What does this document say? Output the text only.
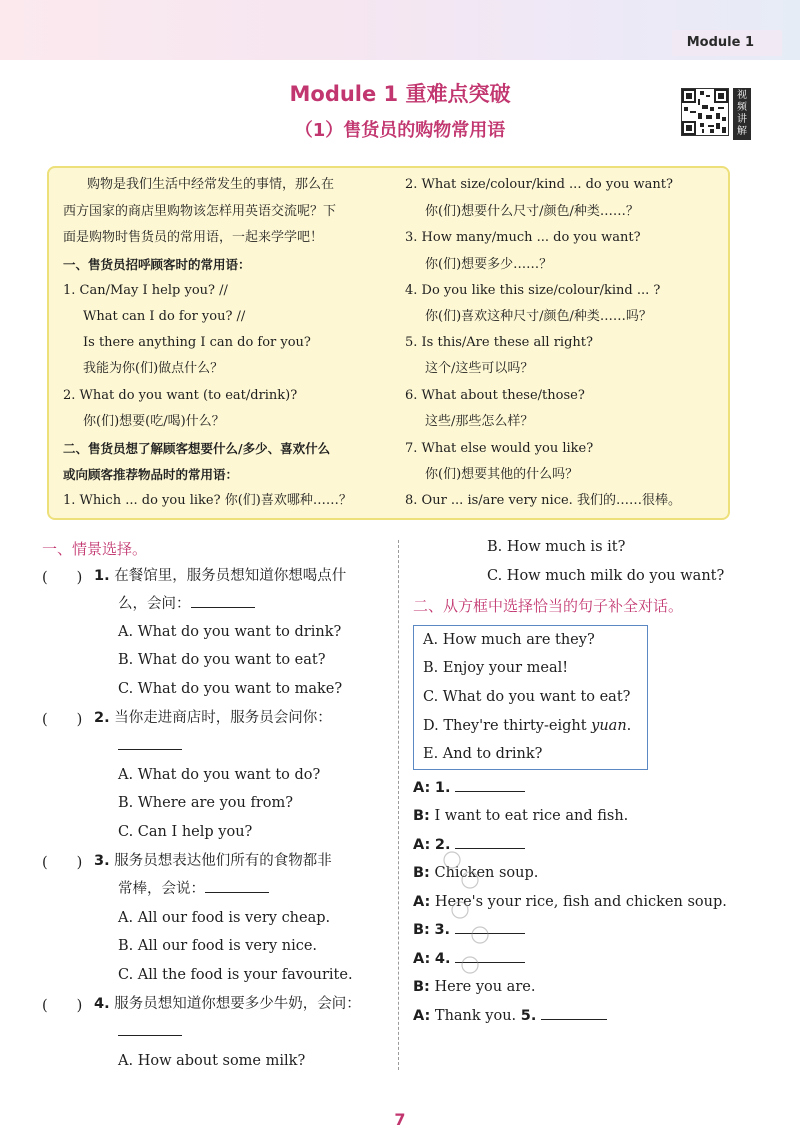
Module 1
Module 1 重难点突破
（1）售货员的购物常用语
视
频
讲
解
购物是我们生活中经常发生的事情，那么在
西方国家的商店里购物该怎样用英语交流呢？下
面是购物时售货员的常用语，一起来学学吧！
一、售货员招呼顾客时的常用语：
1. Can/May I help you? //
What can I do for you? //
Is there anything I can do for you?
我能为你(们)做点什么？
2. What do you want (to eat/drink)?
你(们)想要(吃/喝)什么？
二、售货员想了解顾客想要什么/多少、喜欢什么
或向顾客推荐物品时的常用语：
1. Which ... do you like? 你(们)喜欢哪种……？
2. What size/colour/kind ... do you want?
你(们)想要什么尺寸/颜色/种类……？
3. How many/much ... do you want?
你(们)想要多少……？
4. Do you like this size/colour/kind ... ?
你(们)喜欢这种尺寸/颜色/种类……吗？
5. Is this/Are these all right?
这个/这些可以吗？
6. What about these/those?
这些/那些怎么样？
7. What else would you like?
你(们)想要其他的什么吗？
8. Our ... is/are very nice. 我们的……很棒。
一、情景选择。
(　　) 1. 在餐馆里，服务员想知道你想喝点什
么，会问：
A. What do you want to drink?
B. What do you want to eat?
C. What do you want to make?
(　　) 2. 当你走进商店时，服务员会问你：
A. What do you want to do?
B. Where are you from?
C. Can I help you?
(　　) 3. 服务员想表达他们所有的食物都非
常棒，会说：
A. All our food is very cheap.
B. All our food is very nice.
C. All the food is your favourite.
(　　) 4. 服务员想知道你想要多少牛奶，会问：
A. How about some milk?
B. How much is it?
C. How much milk do you want?
二、从方框中选择恰当的句子补全对话。
A. How much are they?
B. Enjoy your meal!
C. What do you want to eat?
D. They're thirty-eight yuan.
E. And to drink?
A: 1.
B: I want to eat rice and fish.
A: 2.
B: Chicken soup.
A: Here's your rice, fish and chicken soup.
B: 3.
A: 4.
B: Here you are.
A: Thank you. 5.
7
